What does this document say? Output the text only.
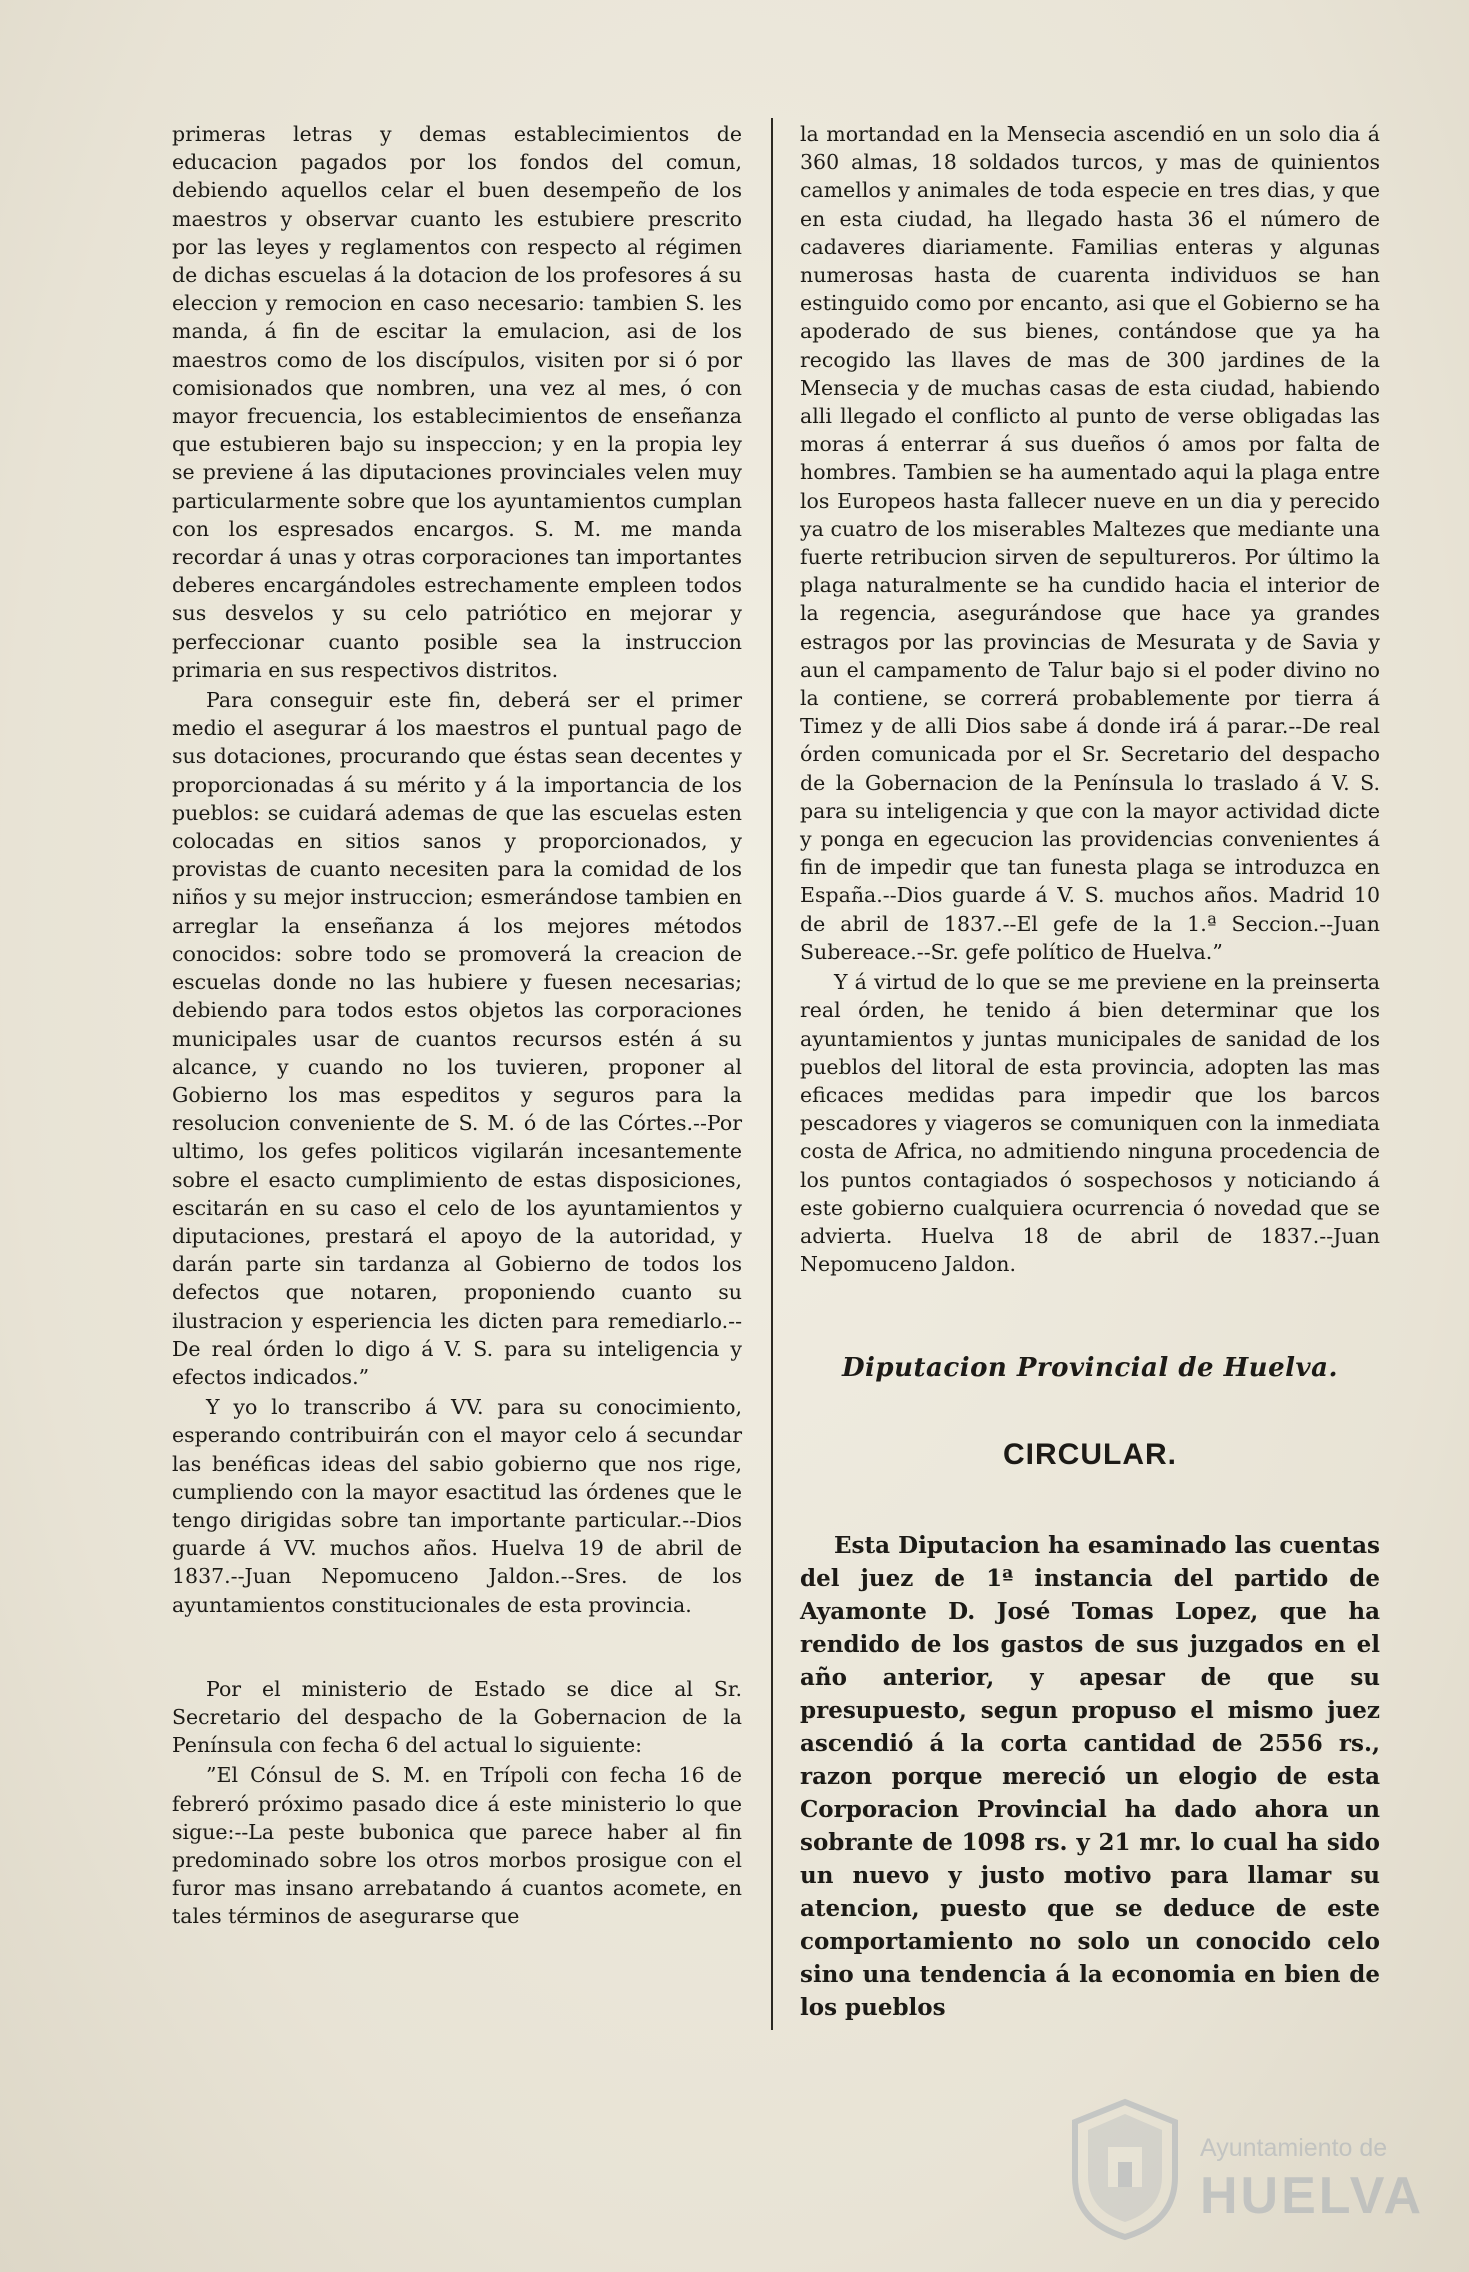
primeras letras y demas establecimientos de educacion pagados por los fondos del comun, debiendo aquellos celar el buen desempeño de los maestros y observar cuanto les estubiere prescrito por las leyes y reglamentos con respecto al régimen de dichas escuelas á la dotacion de los profesores á su eleccion y remocion en caso necesario: tambien S. les manda, á fin de escitar la emulacion, asi de los maestros como de los discípulos, visiten por si ó por comisionados que nombren, una vez al mes, ó con mayor frecuencia, los establecimientos de enseñanza que estubieren bajo su inspeccion; y en la propia ley se previene á las diputaciones provinciales velen muy particularmente sobre que los ayuntamientos cumplan con los espresados encargos. S. M. me manda recordar á unas y otras corporaciones tan importantes deberes encargándoles estrechamente empleen todos sus desvelos y su celo patriótico en mejorar y perfeccionar cuanto posible sea la instruccion primaria en sus respectivos distritos.

Para conseguir este fin, deberá ser el primer medio el asegurar á los maestros el puntual pago de sus dotaciones, procurando que éstas sean decentes y proporcionadas á su mérito y á la importancia de los pueblos: se cuidará ademas de que las escuelas esten colocadas en sitios sanos y proporcionados, y provistas de cuanto necesiten para la comidad de los niños y su mejor instruccion; esmerándose tambien en arreglar la enseñanza á los mejores métodos conocidos: sobre todo se promoverá la creacion de escuelas donde no las hubiere y fuesen necesarias; debiendo para todos estos objetos las corporaciones municipales usar de cuantos recursos estén á su alcance, y cuando no los tuvieren, proponer al Gobierno los mas espeditos y seguros para la resolucion conveniente de S. M. ó de las Córtes.--Por ultimo, los gefes politicos vigilarán incesantemente sobre el esacto cumplimiento de estas disposiciones, escitarán en su caso el celo de los ayuntamientos y diputaciones, prestará el apoyo de la autoridad, y darán parte sin tardanza al Gobierno de todos los defectos que notaren, proponiendo cuanto su ilustracion y esperiencia les dicten para remediarlo.--De real órden lo digo á V. S. para su inteligencia y efectos indicados.”

Y yo lo transcribo á VV. para su conocimiento, esperando contribuirán con el mayor celo á secundar las benéficas ideas del sabio gobierno que nos rige, cumpliendo con la mayor esactitud las órdenes que le tengo dirigidas sobre tan importante particular.--Dios guarde á VV. muchos años. Huelva 19 de abril de 1837.--Juan Nepomuceno Jaldon.--Sres. de los ayuntamientos constitucionales de esta provincia.

Por el ministerio de Estado se dice al Sr. Secretario del despacho de la Gobernacion de la Península con fecha 6 del actual lo siguiente:

”El Cónsul de S. M. en Trípoli con fecha 16 de febreró próximo pasado dice á este ministerio lo que sigue:--La peste bubonica que parece haber al fin predominado sobre los otros morbos prosigue con el furor mas insano arrebatando á cuantos acomete, en tales términos de asegurarse que

la mortandad en la Mensecia ascendió en un solo dia á 360 almas, 18 soldados turcos, y mas de quinientos camellos y animales de toda especie en tres dias, y que en esta ciudad, ha llegado hasta 36 el número de cadaveres diariamente. Familias enteras y algunas numerosas hasta de cuarenta individuos se han estinguido como por encanto, asi que el Gobierno se ha apoderado de sus bienes, contándose que ya ha recogido las llaves de mas de 300 jardines de la Mensecia y de muchas casas de esta ciudad, habiendo alli llegado el conflicto al punto de verse obligadas las moras á enterrar á sus dueños ó amos por falta de hombres. Tambien se ha aumentado aqui la plaga entre los Europeos hasta fallecer nueve en un dia y perecido ya cuatro de los miserables Maltezes que mediante una fuerte retribucion sirven de sepultureros. Por último la plaga naturalmente se ha cundido hacia el interior de la regencia, asegurándose que hace ya grandes estragos por las provincias de Mesurata y de Savia y aun el campamento de Talur bajo si el poder divino no la contiene, se correrá probablemente por tierra á Timez y de alli Dios sabe á donde irá á parar.--De real órden comunicada por el Sr. Secretario del despacho de la Gobernacion de la Península lo traslado á V. S. para su inteligencia y que con la mayor actividad dicte y ponga en egecucion las providencias convenientes á fin de impedir que tan funesta plaga se introduzca en España.--Dios guarde á V. S. muchos años. Madrid 10 de abril de 1837.--El gefe de la 1.ª Seccion.--Juan Subereace.--Sr. gefe político de Huelva.”

Y á virtud de lo que se me previene en la preinserta real órden, he tenido á bien determinar que los ayuntamientos y juntas municipales de sanidad de los pueblos del litoral de esta provincia, adopten las mas eficaces medidas para impedir que los barcos pescadores y viageros se comuniquen con la inmediata costa de Africa, no admitiendo ninguna procedencia de los puntos contagiados ó sospechosos y noticiando á este gobierno cualquiera ocurrencia ó novedad que se advierta. Huelva 18 de abril de 1837.--Juan Nepomuceno Jaldon.

Diputacion Provincial de Huelva.
CIRCULAR.

Esta Diputacion ha esaminado las cuentas del juez de 1ª instancia del partido de Ayamonte D. José Tomas Lopez, que ha rendido de los gastos de sus juzgados en el año anterior, y apesar de que su presupuesto, segun propuso el mismo juez ascendió á la corta cantidad de 2556 rs., razon porque mereció un elogio de esta Corporacion Provincial ha dado ahora un sobrante de 1098 rs. y 21 mr. lo cual ha sido un nuevo y justo motivo para llamar su atencion, puesto que se deduce de este comportamiento no solo un conocido celo sino una tendencia á la economia en bien de los pueblos

Ayuntamiento de
HUELVA
